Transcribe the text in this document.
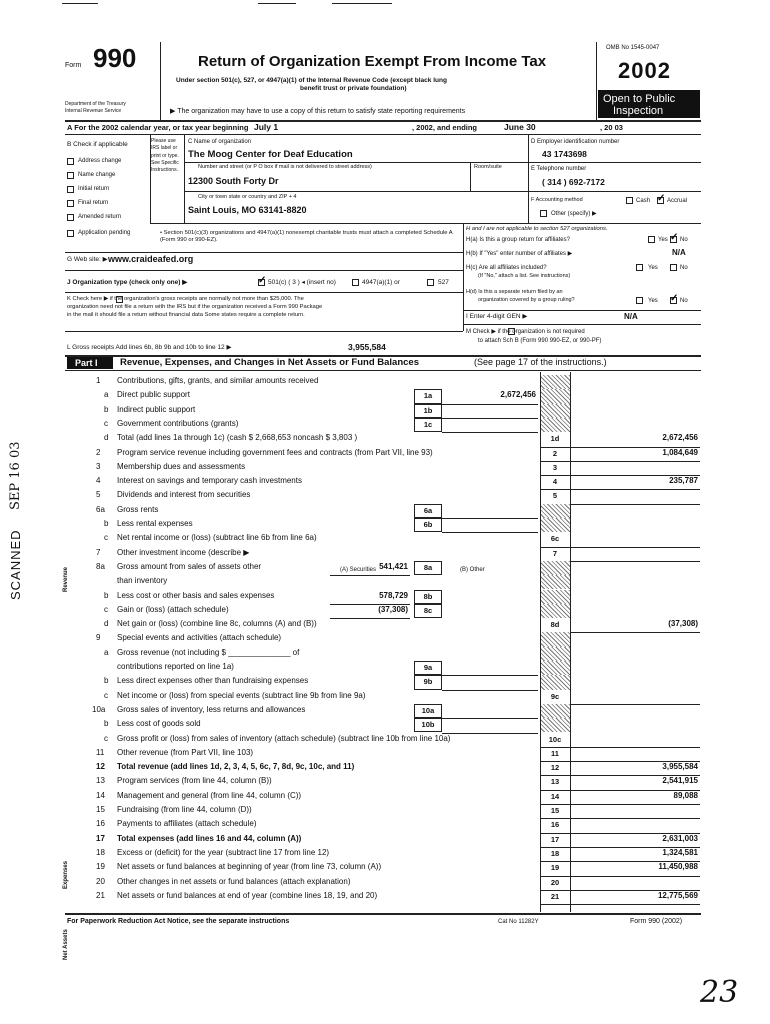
Form 990	Return of Organization Exempt From Income Tax
Under section 501(c), 527, or 4947(a)(1) of the Internal Revenue Code (except black lung
benefit trust or private foundation)
Department of the Treasury
Internal Revenue Service	▶ The organization may have to use a copy of this return to satisfy state reporting requirements
OMB No 1545-0047
2002
Open to Public
Inspection
A For the 2002 calendar year, or tax year beginning July 1	, 2002, and ending	June 30	, 20 03
B Check if applicable
Address change
Name change
Initial return
Final return
Amended return
Application pending
Please use IRS label or print or type. See Specific Instructions.
C Name of organization
The Moog Center for Deaf Education
Number and street (or P O box if mail is not delivered to street address)	Room/suite
12300 South Forty Dr
City or town state or country and ZIP + 4
Saint Louis, MO 63141-8820
D Employer identification number
43 1743698
E Telephone number
( 314 ) 692-7172
F Accounting method	Cash ✓	Accrual
Other (specify) ▶
• Section 501(c)(3) organizations and 4947(a)(1) nonexempt charitable trusts must attach a completed Schedule A (Form 990 or 990-EZ).
G Web site: ▶ www.craideafed.org
J Organization type (check only one) ▶ ✓	501(c) ( 3 ) ◂ (insert no)	4947(a)(1) or	527
K Check here ▶ if the organization's gross receipts are normally not more than $25,000. The
organization need not file a return with the IRS but if the organization received a Form 990 Package
in the mail it should file a return without financial data Some states require a complete return.
H and I are not applicable to section 527 organizations.
H(a) Is this a group return for affiliates?	Yes ✓ No
H(b) If "Yes" enter number of affiliates ▶	N/A
H(c) Are all affiliates included?	Yes	No
(If "No," attach a list. See instructions)
H(d) Is this a separate return filed by an
organization covered by a group ruling?	Yes ✓	No
I Enter 4-digit GEN ▶	N/A
M Check ▶ if the organization is not required
to attach Sch B (Form 990 990-EZ, or 990-PF)
L Gross receipts Add lines 6b, 8b 9b and 10b to line 12 ▶	3,955,584
Part I Revenue, Expenses, and Changes in Net Assets or Fund Balances	(See page 17 of the instructions.)
1 Contributions, gifts, grants, and similar amounts received
a Direct public support	1a	2,672,456
b Indirect public support	1b
c Government contributions (grants)	1c
d Total (add lines 1a through 1c) (cash $ 2,668,653 noncash $ 3,803 )	1d	2,672,456
2 Program service revenue including government fees and contracts (from Part VII, line 93)	2	1,084,649
3 Membership dues and assessments	3
4 Interest on savings and temporary cash investments	4	235,787
5 Dividends and interest from securities	5
6a Gross rents	6a
b Less rental expenses	6b
c Net rental income or (loss) (subtract line 6b from line 6a)	6c
7 Other investment income (describe ▶	7
8a Gross amount from sales of assets other	541,421	8a
than inventory
b Less cost or other basis and sales expenses	578,729	8b
c Gain or (loss) (attach schedule)	(37,308)	8c
d Net gain or (loss) (combine line 8c, columns (A) and (B))	8d	(37,308)
9 Special events and activities (attach schedule)
a Gross revenue (not including $ ______________ of
contributions reported on line 1a)	9a
b Less direct expenses other than fundraising expenses	9b
c Net income or (loss) from special events (subtract line 9b from line 9a)	9c
10a Gross sales of inventory, less returns and allowances	10a
b Less cost of goods sold	10b
c Gross profit or (loss) from sales of inventory (attach schedule) (subtract line 10b from line 10a)	10c
11 Other revenue (from Part VII, line 103)	11
12 Total revenue (add lines 1d, 2, 3, 4, 5, 6c, 7, 8d, 9c, 10c, and 11)	12	3,955,584
13 Program services (from line 44, column (B))	13	2,541,915
14 Management and general (from line 44, column (C))	14	89,088
15 Fundraising (from line 44, column (D))	15
16 Payments to affiliates (attach schedule)	16
17 Total expenses (add lines 16 and 44, column (A))	17	2,631,003
18 Excess or (deficit) for the year (subtract line 17 from line 12)	18	1,324,581
19 Net assets or fund balances at beginning of year (from line 73, column (A))	19	11,450,988
20 Other changes in net assets or fund balances (attach explanation)	20
21 Net assets or fund balances at end of year (combine lines 18, 19, and 20)	21	12,775,569
Revenue
Expenses
Net Assets
(A) Securities	(B) Other
For Paperwork Reduction Act Notice, see the separate instructions	Cat No 11282Y	Form 990 (2002)
SCANNED
SEP 16 03
23
